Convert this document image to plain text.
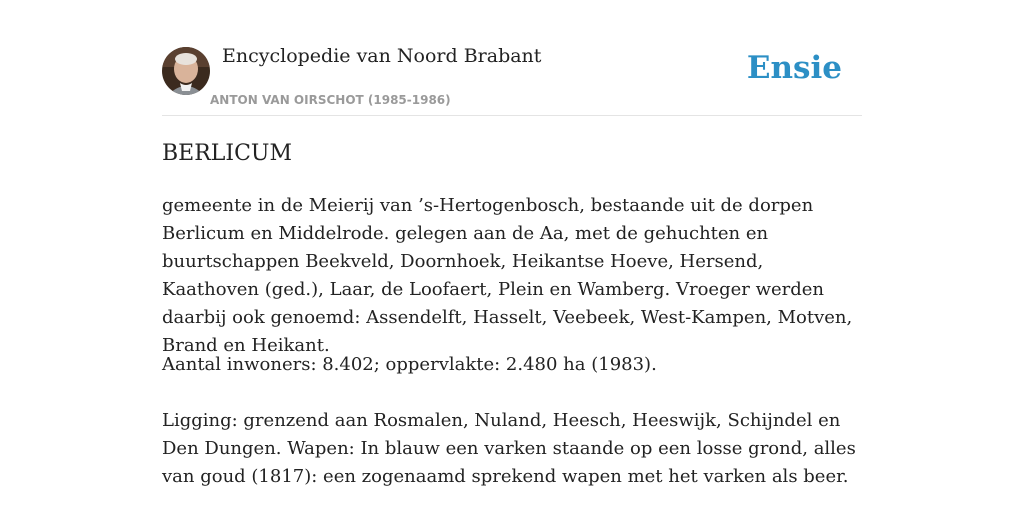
Encyclopedie van Noord Brabant
ANTON VAN OIRSCHOT (1985-1986)
Ensie
BERLICUM

gemeente in de Meierij van ’s-Hertogenbosch, bestaande uit de dorpen Berlicum en Middelrode. gelegen aan de Aa, met de gehuchten en buurtschappen Beekveld, Doornhoek, Heikantse Hoeve, Hersend, Kaathoven (ged.), Laar, de Loofaert, Plein en Wamberg. Vroeger werden daarbij ook genoemd: Assendelft, Hasselt, Veebeek, West-Kampen, Motven, Brand en Heikant.

Aantal inwoners: 8.402; oppervlakte: 2.480 ha (1983).

Ligging: grenzend aan Rosmalen, Nuland, Heesch, Heeswijk, Schijndel en Den Dungen. Wapen: In blauw een varken staande op een losse grond, alles van goud (1817): een zogenaamd sprekend wapen met het varken als beer.
